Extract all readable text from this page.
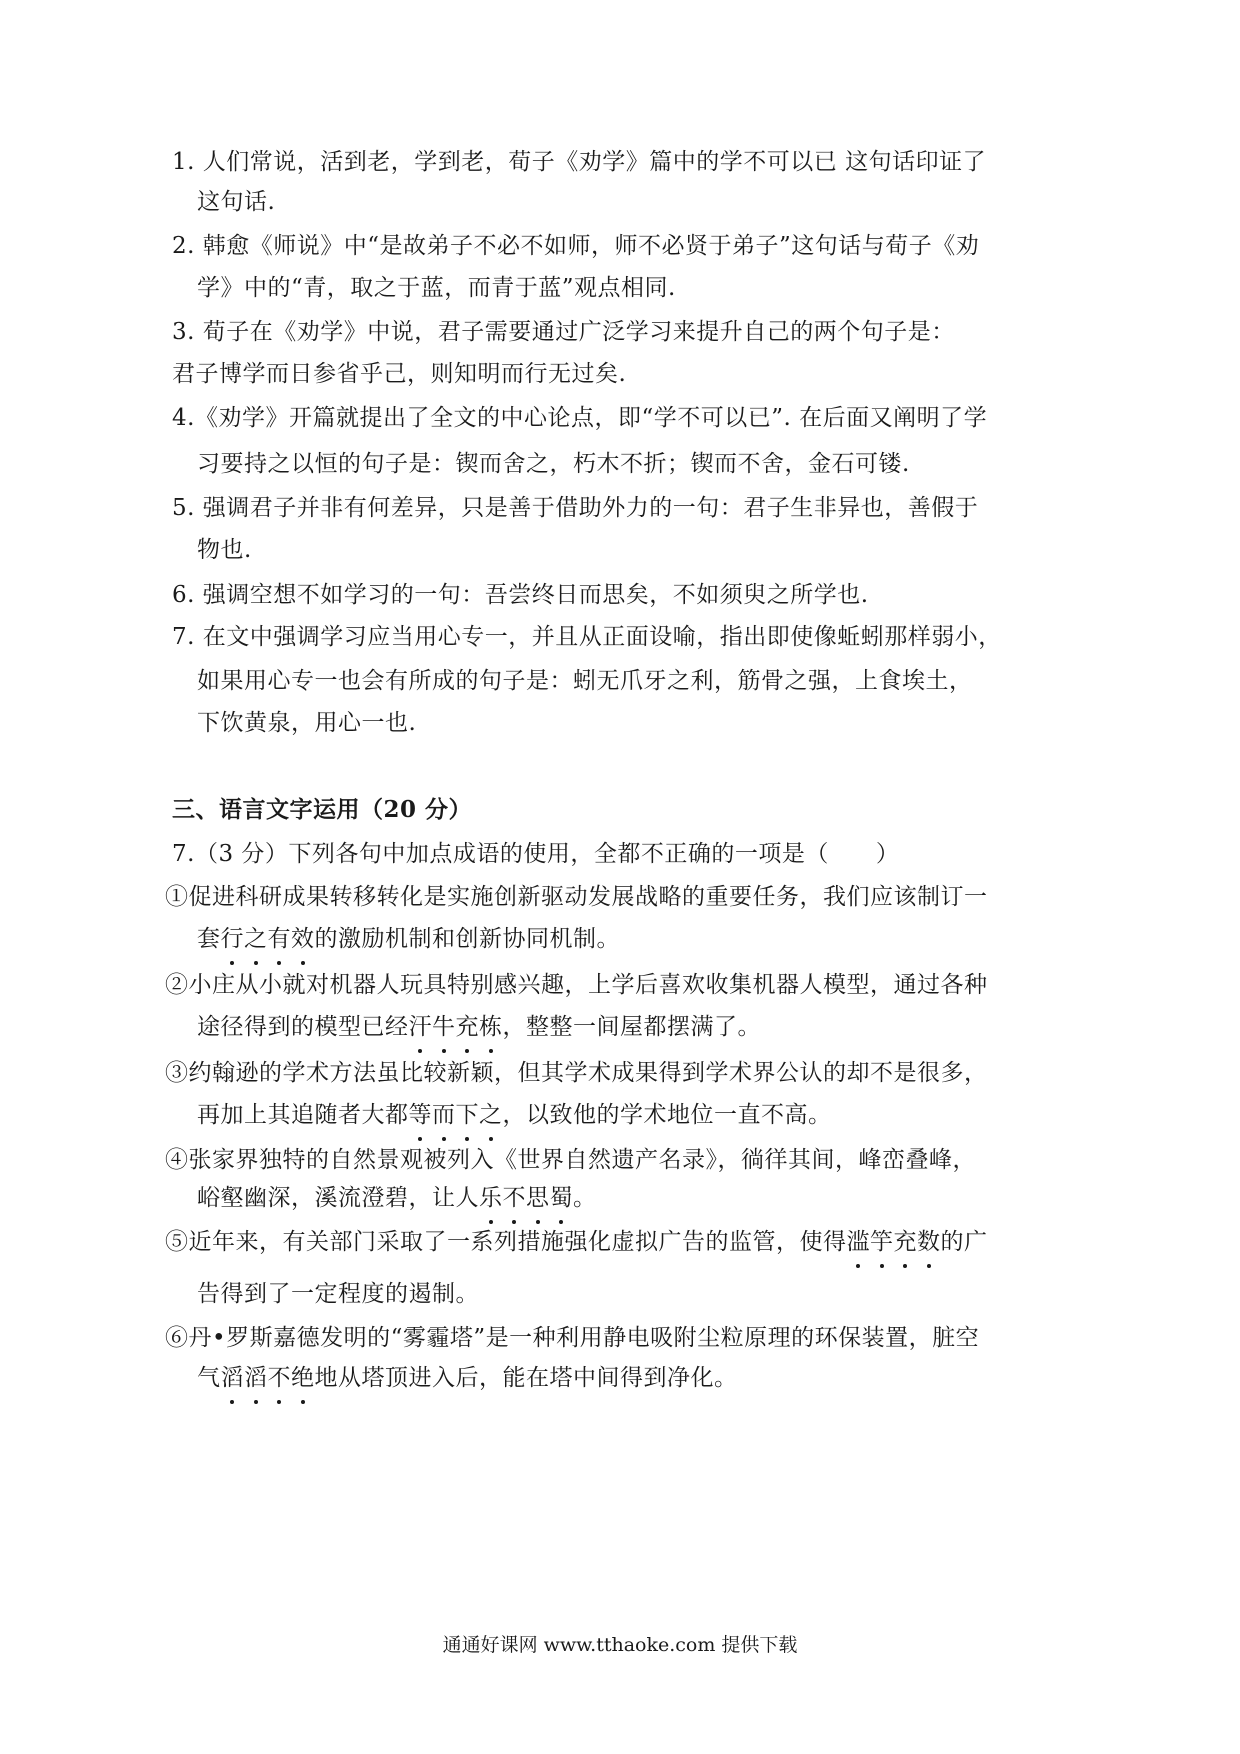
1. 人们常说，活到老，学到老，荀子《劝学》篇中的学不可以已 这句话印证了
这句话.
2. 韩愈《师说》中“是故弟子不必不如师，师不必贤于弟子”这句话与荀子《劝
学》中的“青，取之于蓝，而青于蓝”观点相同.
3. 荀子在《劝学》中说，君子需要通过广泛学习来提升自己的两个句子是：
君子博学而日参省乎己，则知明而行无过矣.
4.《劝学》开篇就提出了全文的中心论点，即“学不可以已”. 在后面又阐明了学
习要持之以恒的句子是：锲而舍之，朽木不折；锲而不舍，金石可镂.
5. 强调君子并非有何差异，只是善于借助外力的一句：君子生非异也，善假于
物也.
6. 强调空想不如学习的一句：吾尝终日而思矣，不如须臾之所学也.
7. 在文中强调学习应当用心专一，并且从正面设喻，指出即使像蚯蚓那样弱小，
如果用心专一也会有所成的句子是：蚓无爪牙之利，筋骨之强，上食埃土，
下饮黄泉，用心一也.
三、语言文字运用（20 分）
7.（3 分）下列各句中加点成语的使用，全都不正确的一项是（　　）
①促进科研成果转移转化是实施创新驱动发展战略的重要任务，我们应该制订一
套行之有效的激励机制和创新协同机制。
②小庄从小就对机器人玩具特别感兴趣，上学后喜欢收集机器人模型，通过各种
途径得到的模型已经汗牛充栋，整整一间屋都摆满了。
③约翰逊的学术方法虽比较新颖，但其学术成果得到学术界公认的却不是很多，
再加上其追随者大都等而下之，以致他的学术地位一直不高。
④张家界独特的自然景观被列入《世界自然遗产名录》，徜徉其间，峰峦叠峰，
峪壑幽深，溪流澄碧，让人乐不思蜀。
⑤近年来，有关部门采取了一系列措施强化虚拟广告的监管，使得滥竽充数的广
告得到了一定程度的遏制。
⑥丹•罗斯嘉德发明的“雾霾塔”是一种利用静电吸附尘粒原理的环保装置，脏空
气滔滔不绝地从塔顶进入后，能在塔中间得到净化。
通通好课网 www.tthaoke.com 提供下载
